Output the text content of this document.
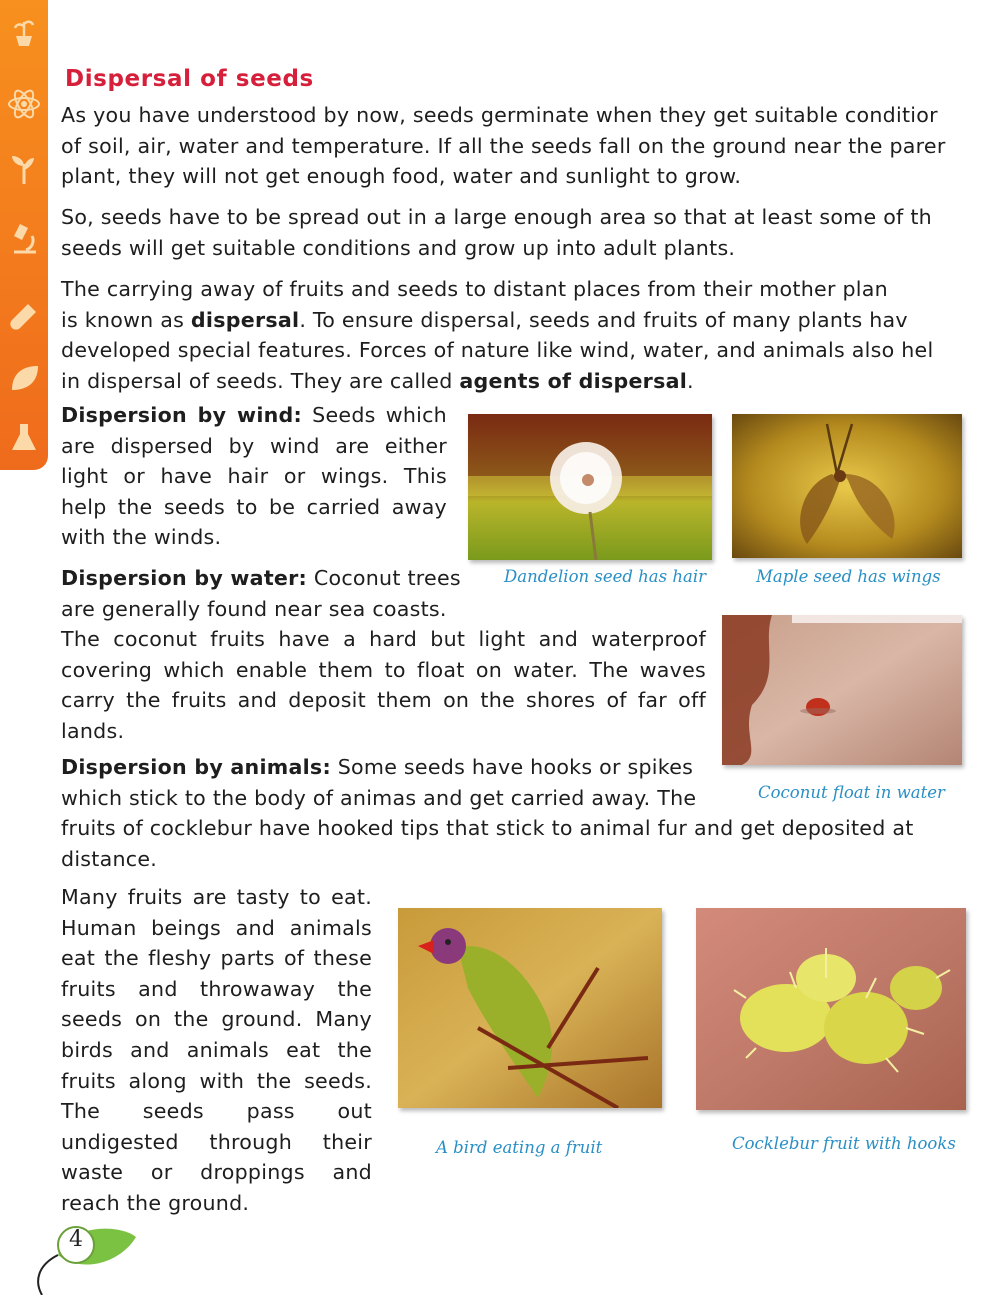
Dispersal of seeds
As you have understood by now, seeds germinate when they get suitable conditior
of soil, air, water and temperature. If all the seeds fall on the ground near the parer
plant, they will not get enough food, water and sunlight to grow.
So, seeds have to be spread out in a large enough area so that at least some of th
seeds will get suitable conditions and grow up into adult plants.
The carrying away of fruits and seeds to distant places from their mother plan
is known as dispersal. To ensure dispersal, seeds and fruits of many plants hav
developed special features. Forces of nature like wind, water, and animals also hel
in dispersal of seeds. They are called agents of dispersal.
Dispersion by wind: Seeds which are dispersed by wind are either light or have hair or wings. This help the seeds to be carried away with the winds.
Dandelion seed has hair	Maple seed has wings
Dispersion by water: Coconut trees
are generally found near sea coasts.
The coconut fruits have a hard but light and waterproof covering which enable them to float on water. The waves carry the fruits and deposit them on the shores of far off lands.
Coconut float in water
Dispersion by animals: Some seeds have hooks or spikes
which stick to the body of animas and get carried away. The
fruits of cocklebur have hooked tips that stick to animal fur and get deposited at
distance.
Many fruits are tasty to eat. Human beings and animals eat the fleshy parts of these fruits and throwaway the seeds on the ground. Many birds and animals eat the fruits along with the seeds. The seeds pass out undigested through their waste or droppings and reach the ground.
A bird eating a fruit	Cocklebur fruit with hooks
4
